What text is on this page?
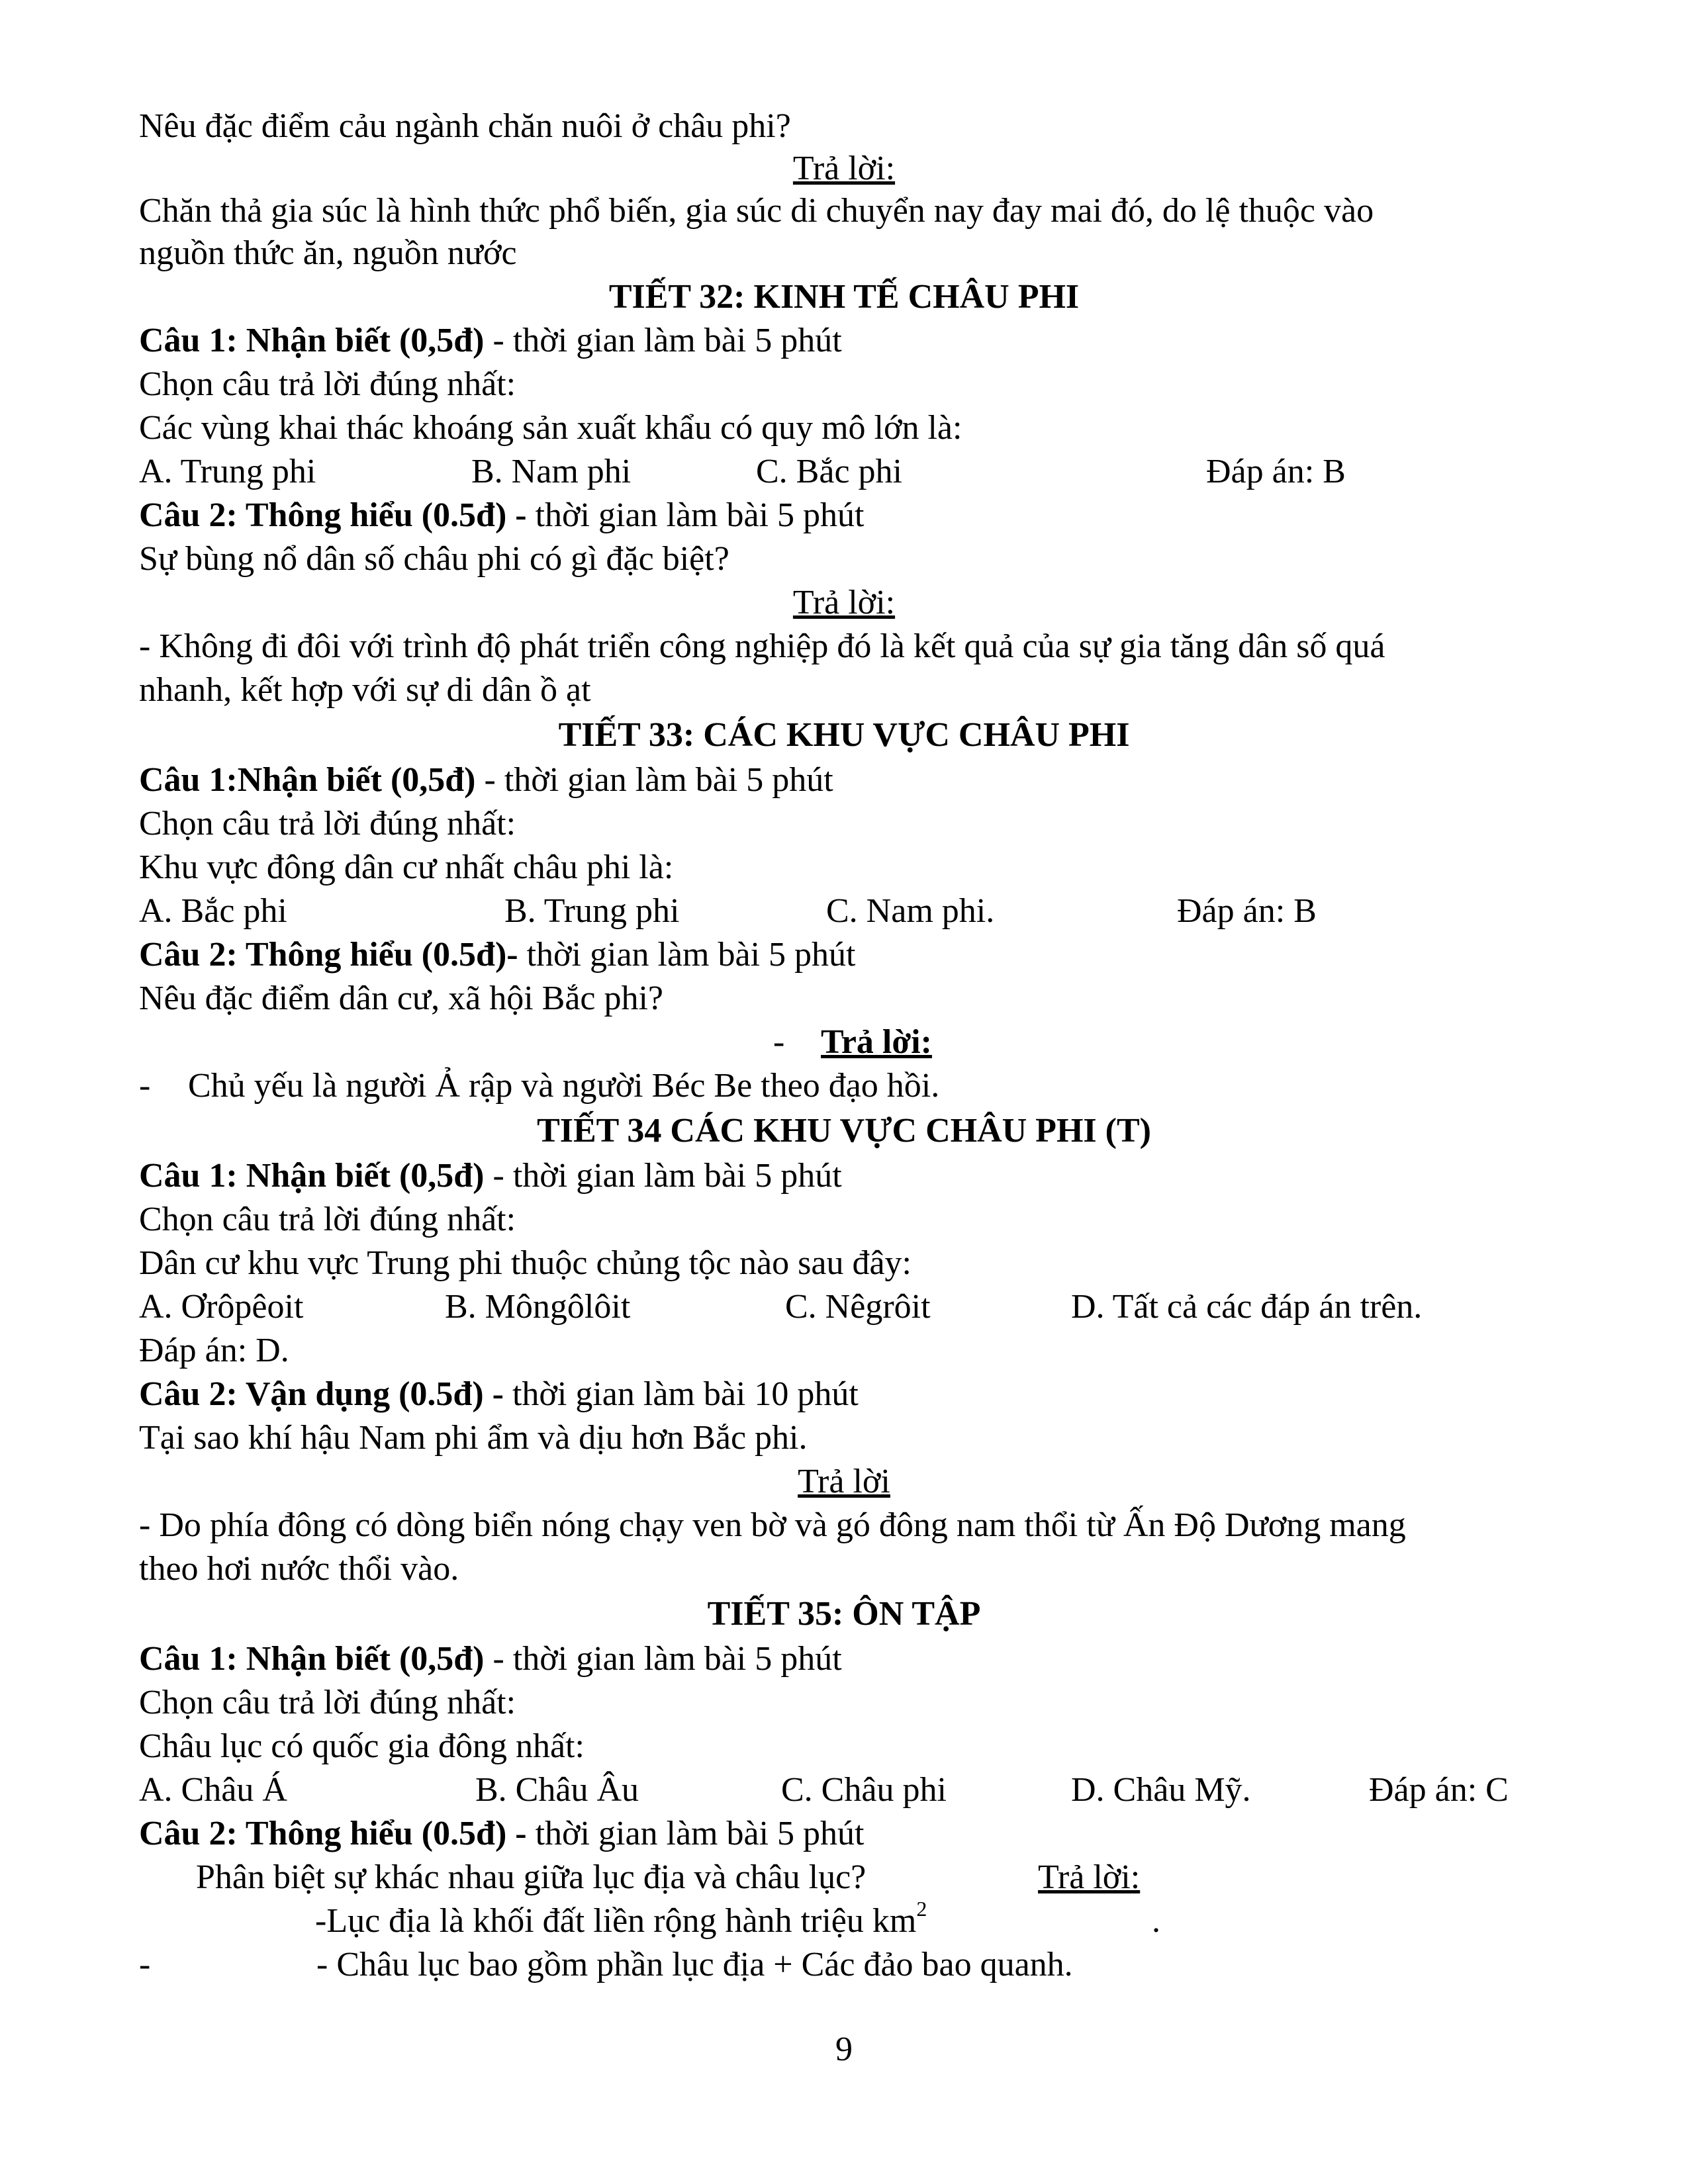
Nêu đặc điểm cảu ngành chăn nuôi ở châu phi?
Trả lời:
Chăn thả gia súc là hình thức phổ biến, gia súc di chuyển nay đay mai đó, do lệ thuộc vào
nguồn thức ăn, nguồn nước
TIẾT 32: KINH TẾ CHÂU PHI
Câu 1: Nhận biết (0,5đ) - thời gian làm bài 5 phút
Chọn câu trả lời đúng nhất:
Các vùng khai thác khoáng sản xuất khẩu có quy mô lớn là:
A. Trung phi	B. Nam phi	C. Bắc phi	Đáp án: B
Câu 2: Thông hiểu (0.5đ) - thời gian làm bài 5 phút
Sự bùng nổ dân số châu phi có gì đặc biệt?
Trả lời:
- Không đi đôi với trình độ phát triển công nghiệp đó là kết quả của sự gia tăng dân số quá
nhanh, kết hợp với sự di dân ồ ạt
TIẾT 33: CÁC KHU VỰC CHÂU PHI
Câu 1:Nhận biết (0,5đ) - thời gian làm bài 5 phút
Chọn câu trả lời đúng nhất:
Khu vực đông dân cư nhất châu phi là:
A. Bắc phi	B. Trung phi	C. Nam phi.	Đáp án: B
Câu 2: Thông hiểu (0.5đ)- thời gian làm bài 5 phút
Nêu đặc điểm dân cư, xã hội Bắc phi?
- Trả lời:
- Chủ yếu là người Ả rập và người Béc Be theo đạo hồi.
TIẾT 34 CÁC KHU VỰC CHÂU PHI (T)
Câu 1: Nhận biết (0,5đ) - thời gian làm bài 5 phút
Chọn câu trả lời đúng nhất:
Dân cư khu vực Trung phi thuộc chủng tộc nào sau đây:
A. Ơrôpêoit	B. Môngôlôit	C. Nêgrôit	D. Tất cả các đáp án trên.
Đáp án: D.
Câu 2: Vận dụng (0.5đ) - thời gian làm bài 10 phút
Tại sao khí hậu Nam phi ẩm và dịu hơn Bắc phi.
Trả lời
- Do phía đông có dòng biển nóng chạy ven bờ và gó đông nam thổi từ Ấn Độ Dương mang
theo hơi nước thổi vào.
TIẾT 35: ÔN TẬP
Câu 1: Nhận biết (0,5đ) - thời gian làm bài 5 phút
Chọn câu trả lời đúng nhất:
Châu lục có quốc gia đông nhất:
A. Châu Á	B. Châu Âu	C. Châu phi	D. Châu Mỹ.	Đáp án: C
Câu 2: Thông hiểu (0.5đ) - thời gian làm bài 5 phút
Phân biệt sự khác nhau giữa lục địa và châu lục?	Trả lời:
-Lục địa là khối đất liền rộng hành triệu $km^2$	.
-	- Châu lục bao gồm phần lục địa + Các đảo bao quanh.
9
